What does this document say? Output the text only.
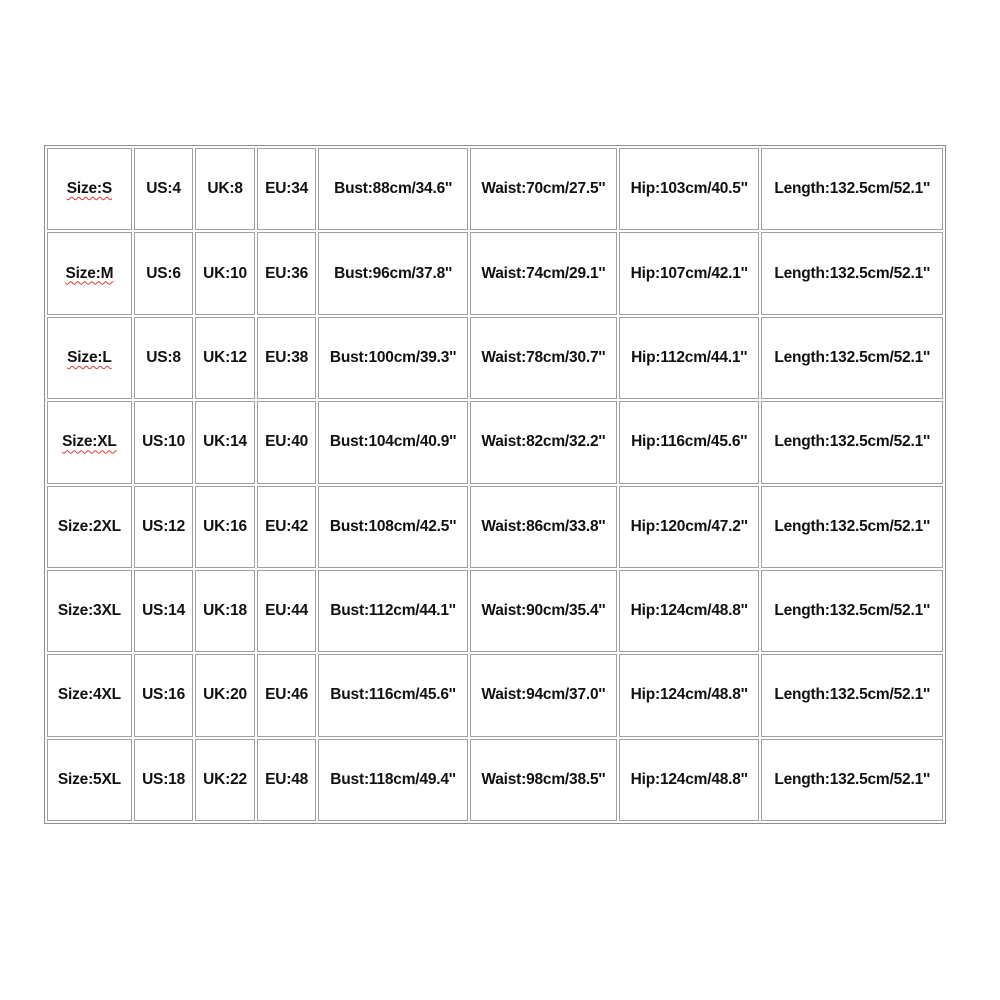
Size:S	US:4	UK:8	EU:34	Bust:88cm/34.6''	Waist:70cm/27.5''	Hip:103cm/40.5''	Length:132.5cm/52.1''
Size:M	US:6	UK:10	EU:36	Bust:96cm/37.8''	Waist:74cm/29.1''	Hip:107cm/42.1''	Length:132.5cm/52.1''
Size:L	US:8	UK:12	EU:38	Bust:100cm/39.3''	Waist:78cm/30.7''	Hip:112cm/44.1''	Length:132.5cm/52.1''
Size:XL	US:10	UK:14	EU:40	Bust:104cm/40.9''	Waist:82cm/32.2''	Hip:116cm/45.6''	Length:132.5cm/52.1''
Size:2XL	US:12	UK:16	EU:42	Bust:108cm/42.5''	Waist:86cm/33.8''	Hip:120cm/47.2''	Length:132.5cm/52.1''
Size:3XL	US:14	UK:18	EU:44	Bust:112cm/44.1''	Waist:90cm/35.4''	Hip:124cm/48.8''	Length:132.5cm/52.1''
Size:4XL	US:16	UK:20	EU:46	Bust:116cm/45.6''	Waist:94cm/37.0''	Hip:124cm/48.8''	Length:132.5cm/52.1''
Size:5XL	US:18	UK:22	EU:48	Bust:118cm/49.4''	Waist:98cm/38.5''	Hip:124cm/48.8''	Length:132.5cm/52.1''
